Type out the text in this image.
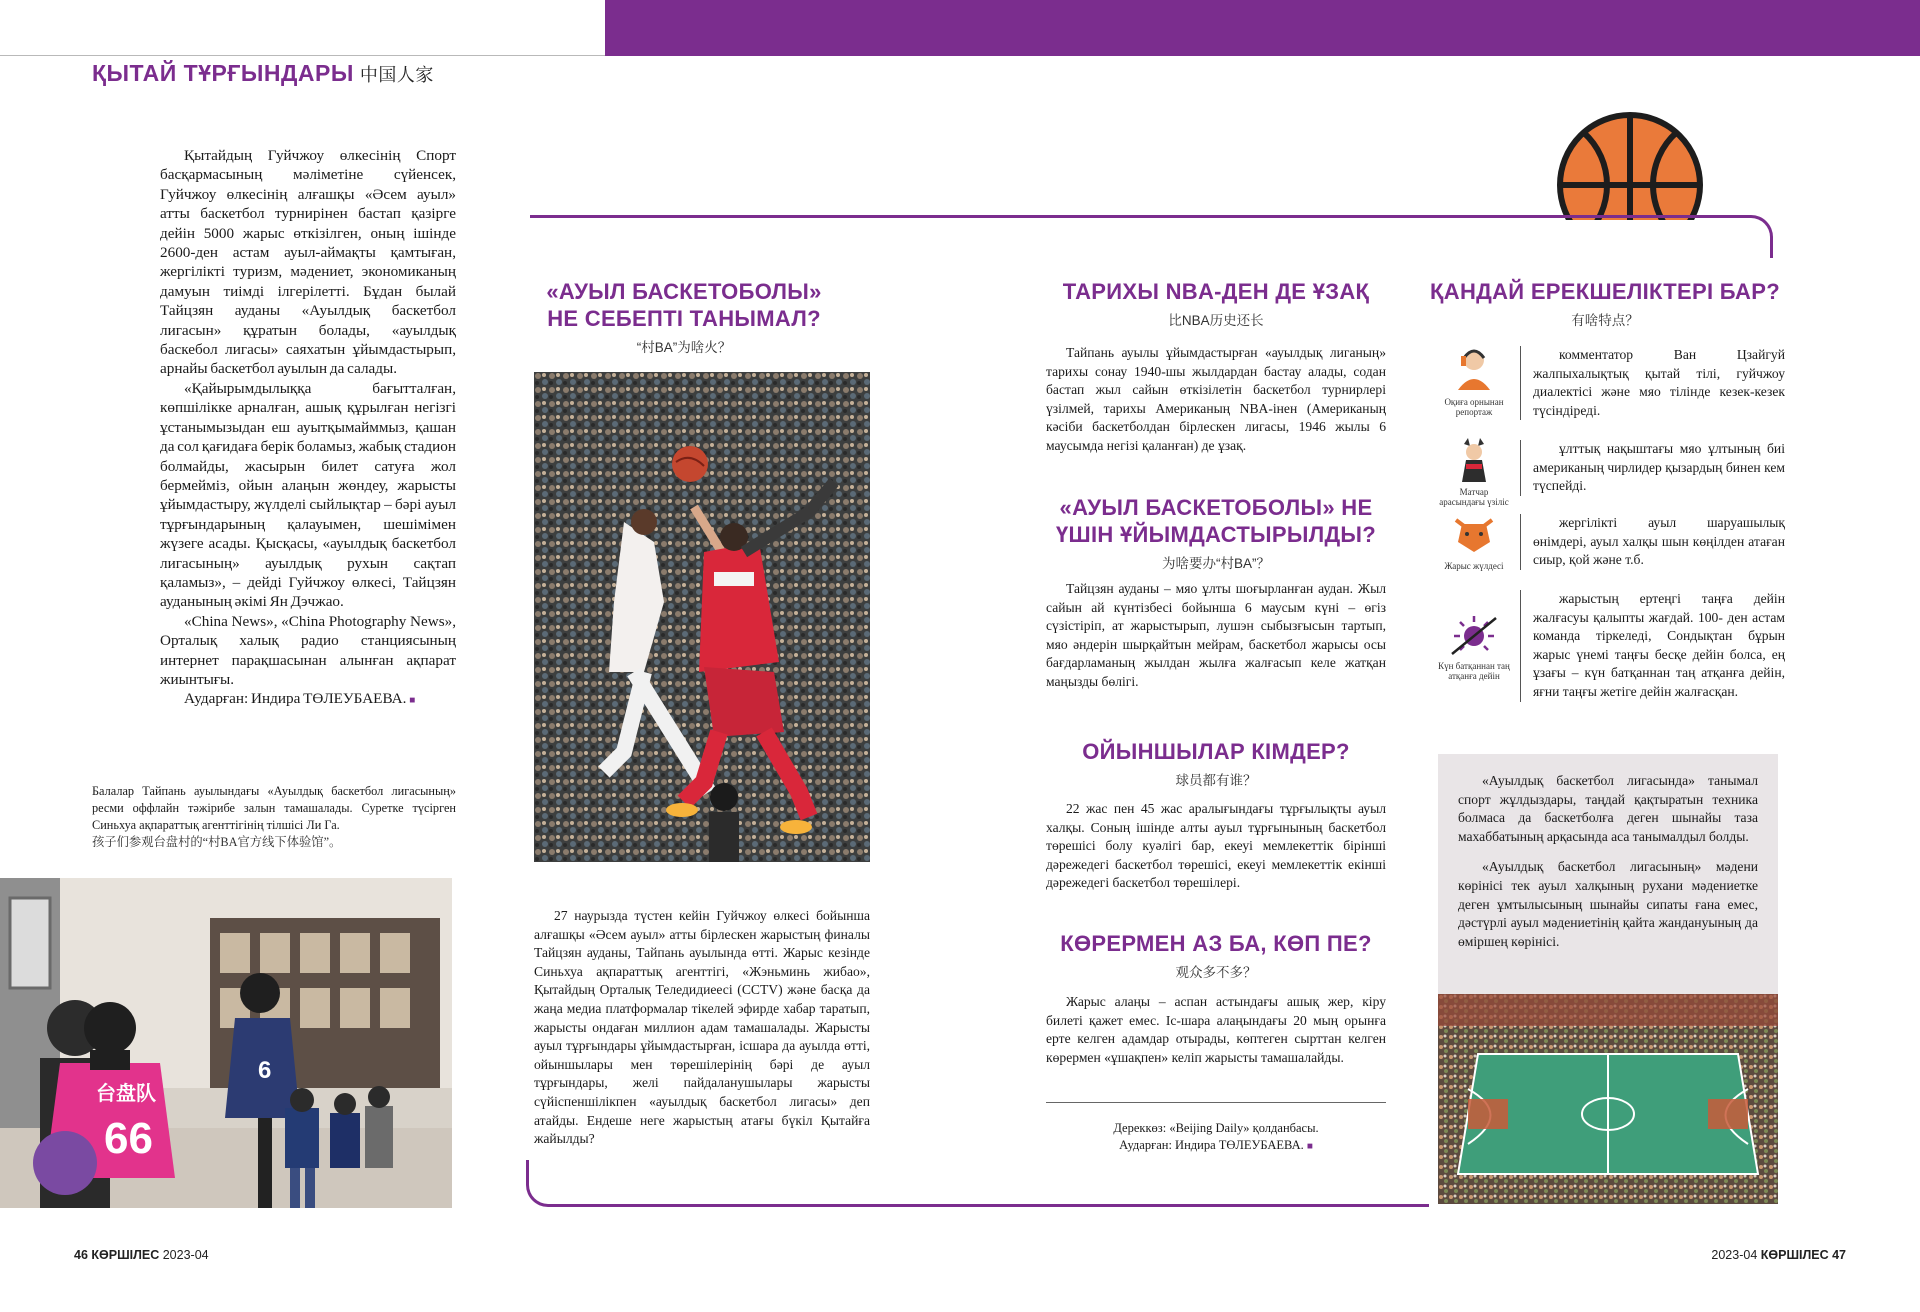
ҚЫТАЙ ТҰРҒЫНДАРЫ 中国人家

Қытайдың Гуйчжоу өлкесінің Спорт басқармасының мәліметіне сүйенсек, Гуйчжоу өлкесінің алғашқы «Әсем ауыл» атты баскетбол турнирінен бастап қазірге дейін 5000 жарыс өткізілген, оның ішінде 2600-ден астам ауыл-аймақты қамтыған, жергілікті туризм, мәдениет, экономиканың дамуын тиімді ілгерілетті. Бұдан былай Тайцзян ауданы «Ауылдық баскетбол лигасын» құратын болады, «ауылдық баскебол лигасы» саяхатын ұйымдастырып, арнайы баскетбол ауылын да салады.

«Қайырымдылыққа бағытталған, көпшілікке арналған, ашық құрылған негізгі ұстанымызыдан еш ауытқымайммыз, қашан да сол қағидаға берік боламыз, жабық стадион болмайды, жасырын билет сатуға жол бермейміз, ойын алаңын жөндеу, жарысты ұйымдастыру, жүлделі сыйлықтар – бәрі ауыл тұрғындарының қалауымен, шешімімен жүзеге асады. Қысқасы, «ауылдық баскетбол лигасының» ауылдық рухын сақтап қаламыз», – дейді Гуйчжоу өлкесі, Тайцзян ауданының әкімі Ян Дэчжао.

«China News», «China Photography News», Орталық халық радио станциясының интернет парақшасынан алынған ақпарат жиынтығы.

Аударған: Индира ТӨЛЕУБАЕВА. ■

Балалар Тайпань ауылындағы «Ауылдық баскетбол лигасының» ресми оффлайн тәжірибе залын тамашалады. Суретке түсірген Синьхуа ақпараттық агенттігінің тілшісі Ли Га.

孩子们参观台盘村的“村BA官方线下体验馆”。

台盘队
66
6
«АУЫЛ БАСКЕТОБОЛЫ» НЕ СЕБЕПТІ ТАНЫМАЛ?
“村BA”为啥火？

27 наурызда түстен кейін Гуйчжоу өлкесі бойынша алғашқы «Әсем ауыл» атты бірлескен жарыстың финалы Тайцзян ауданы, Тайпань ауылында өтті. Жарыс кезінде Синьхуа ақпараттық агенттігі, «Жэньминь жибао», Қытайдың Орталық Теледидиеесі (CCTV) және басқа да жаңа медиа платформалар тікелей эфирде хабар таратып, жарысты ондаған миллион адам тамашалады. Жарысты ауыл тұрғындары ұйымдастырған, ісшара да ауылда өтті, ойыншылары мен төрешілерінің бәрі де ауыл тұрғындары, желі пайдаланушылары жарысты сүйіспеншілікпен «ауылдық баскетбол лигасы» деп атайды. Ендеше неге жарыстың атағы бүкіл Қытайға жайылды?

ТАРИХЫ NBA-ДЕН ДЕ ҰЗАҚ
比NBA历史还长

Тайпань ауылы ұйымдастырған «ауылдық лиганың» тарихы сонау 1940-шы жылдардан бастау алады, содан бастап жыл сайын өткізілетін баскетбол турнирлері үзілмей, тарихы Американың NBA-інен (Американың кәсіби баскетболдан бірлескен лигасы, 1946 жылы 6 маусымда негізі қаланған) де ұзақ.

«АУЫЛ БАСКЕТОБОЛЫ» НЕ ҮШІН ҰЙЫМДАСТЫРЫЛДЫ?
为啥要办“村BA”？

Тайцзян ауданы – мяо ұлты шоғырланған аудан. Жыл сайын ай күнтізбесі бойынша 6 маусым күні – өгіз сүзістіріп, ат жарыстырып, лушэн сыбызғысын тартып, мяо әндерін шырқайтын мейрам, баскетбол жарысы осы бағдарламаның жылдан жылға жалғасып келе жатқан маңызды бөлігі.

ОЙЫНШЫЛАР КІМДЕР?
球员都有谁？

22 жас пен 45 жас аралығындағы тұрғылықты ауыл халқы. Соның ішінде алты ауыл тұрғынының баскетбол төрешісі болу куәлігі бар, екеуі мемлекеттік бірінші дәрежедегі баскетбол төрешісі, екеуі мемлекеттік екінші дәрежедегі баскетбол төрешілері.

КӨРЕРМЕН АЗ БА, КӨП ПЕ?
观众多不多？

Жарыс алаңы – аспан астындағы ашық жер, кіру билеті қажет емес. Іс-шара алаңындағы 20 мың орынға ерте келген адамдар отырады, көптеген сырттан келген көрермен «ұшақпен» келіп жарысты тамашалайды.

Дереккөз: «Beijing Daily» қолданбасы.
Аударған: Индира ТӨЛЕУБАЕВА. ■
ҚАНДАЙ ЕРЕКШЕЛІКТЕРІ БАР?
有啥特点？
Оқиға орнынан репортаж

комментатор Ван Цзайгуй жалпыхалықтық қытай тілі, гуйчжоу диалектісі және мяо тілінде кезек-кезек түсіндіреді.

Матчар арасындағы үзіліс

ұлттық нақыштағы мяо ұлтының биі американың чирлидер қызардың бинен кем түспейді.

Жарыс жүлдесі

жергілікті ауыл шаруашылық өнімдері, ауыл халқы шын көңілден атаған сиыр, қой және т.б.

Күн батқаннан таң атқанға дейін

жарыстың ертеңгі таңға дейін жалғасуы қалыпты жағдай. 100- ден астам команда тіркеледі, Сондықтан бұрын жарыс үнемі таңғы бесқе дейін болса, ең ұзағы – күн батқаннан таң атқанға дейін, яғни таңғы жетіге дейін жалғасқан.

«Ауылдық баскетбол лигасында» танымал спорт жұлдыздары, таңдай қақтыратын техника болмаса да баскетболға деген шынайы таза махаббатының арқасында аса танымалдыл болды.

«Ауылдық баскетбол лигасының» мәдени көрінісі тек ауыл халқының рухани мәдениетке деген ұмтылысының шынайы сипаты ғана емес, дәстүрлі ауыл мәдениетінің қайта жандануының да өміршең көрінісі.

46 КӨРШІЛЕС 2023-04	2023-04 КӨРШІЛЕС 47
